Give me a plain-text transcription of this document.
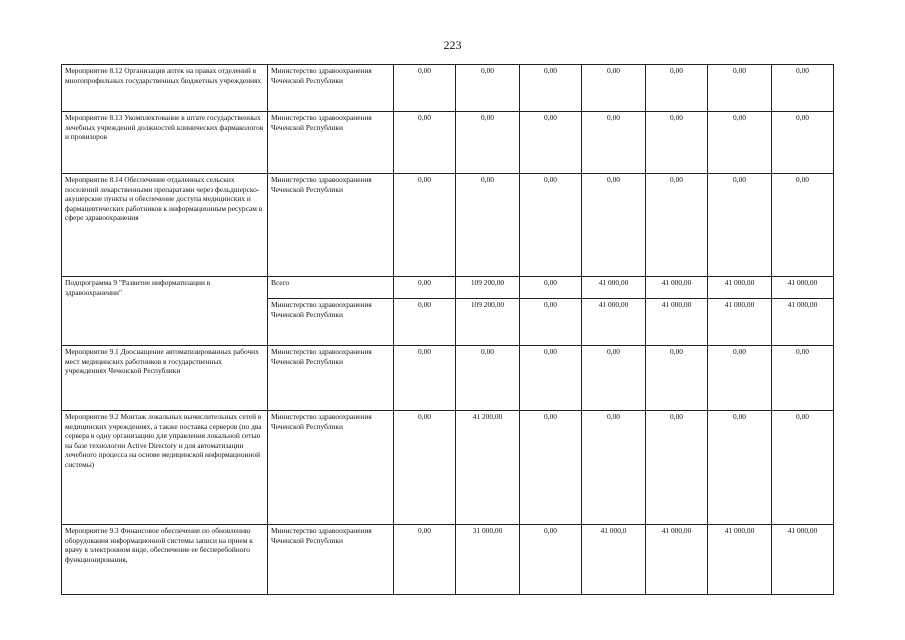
223
Мероприятие 8.12 Организация аптек на правах отделений в многопрофильных государственных бюджетных учреждениях	Министерство здравоохранения Чеченской Республики	0,00	0,00	0,00	0,00	0,00	0,00	0,00
Мероприятие 8.13 Укомплектование в штате государственных лечебных учреждений должностей клинических фармакологов и провизоров	Министерство здравоохранения Чеченской Республики	0,00	0,00	0,00	0,00	0,00	0,00	0,00
Мероприятие 8.14 Обеспечение отдаленных сельских поселений лекарственными препаратами через фельдшерско-акушерские пункты и обеспечение доступа медицинских и фармацевтических работников к информационным ресурсам в сфере здравоохранения	Министерство здравоохранения Чеченской Республики	0,00	0,00	0,00	0,00	0,00	0,00	0,00
Подпрограмма 9 "Развитие информатизации в здравоохранении"	Всего	0,00	109 200,00	0,00	41 000,00	41 000,00	41 000,00	41 000,00
	Министерство здравоохранения Чеченской Республики	0,00	109 200,00	0,00	41 000,00	41 000,00	41 000,00	41 000,00
Мероприятие 9.1 Дооснащение автоматизированных рабочих мест медицинских работников в государственных учреждениях Чеченской Республики	Министерство здравоохранения Чеченской Республики	0,00	0,00	0,00	0,00	0,00	0,00	0,00
Мероприятие 9.2 Монтаж локальных вычислительных сетей в медицинских учреждениях, а также поставка серверов (по два сервера в одну организацию для управления локальной сетью на базе технологии Active Directory и для автоматизации лечебного процесса на основе медицинской информационной системы)	Министерство здравоохранения Чеченской Республики	0,00	41 200,00	0,00	0,00	0,00	0,00	0,00
Мероприятие 9.3 Финансовое обеспечение по обновлению оборудования информационной системы записи на прием к врачу в электронном виде, обеспечение ее бесперебойного функционирования,	Министерство здравоохранения Чеченской Республики	0,00	31 000,00	0,00	41 000,0	41 000,00	41 000,00	41 000,00
